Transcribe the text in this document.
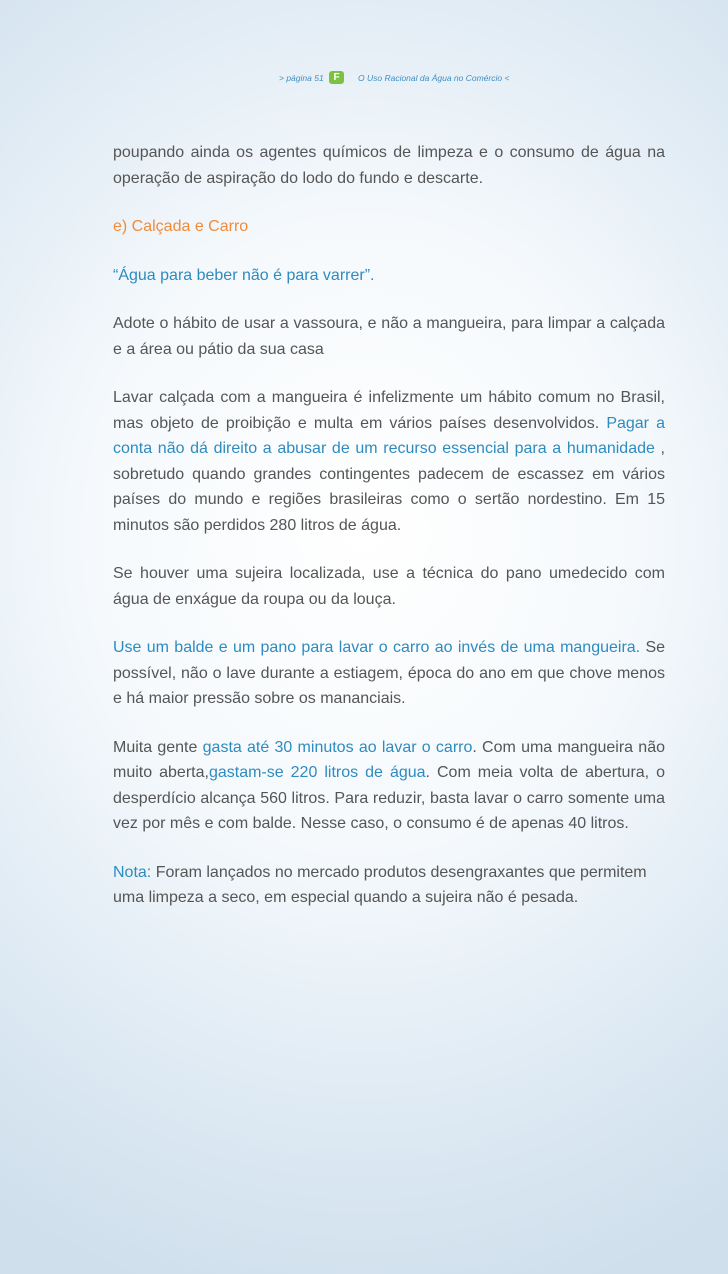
> página 51 F	O Uso Racional da Água no Comércio <

poupando ainda os agentes químicos de limpeza e o consumo de água na operação de aspiração do lodo do fundo e descarte.

e) Calçada e Carro

“Água para beber não é para varrer”.

Adote o hábito de usar a vassoura, e não a mangueira, para limpar a calçada e a área ou pátio da sua casa

Lavar calçada com a mangueira é infelizmente um hábito comum no Brasil, mas objeto de proibição e multa em vários países desenvolvidos. Pagar a conta não dá direito a abusar de um recurso essencial para a humanidade , sobretudo quando grandes contingentes padecem de escassez em vários países do mundo e regiões brasileiras como o sertão nordestino. Em 15 minutos são perdidos 280 litros de água.

Se houver uma sujeira localizada, use a técnica do pano umedecido com água de enxágue da roupa ou da louça.

Use um balde e um pano para lavar o carro ao invés de uma mangueira. Se possível, não o lave durante a estiagem, época do ano em que chove menos e há maior pressão sobre os mananciais.

Muita gente gasta até 30 minutos ao lavar o carro. Com uma mangueira não muito aberta,gastam-se 220 litros de água. Com meia volta de abertura, o desperdício alcança 560 litros. Para reduzir, basta lavar o carro somente uma vez por mês e com balde. Nesse caso, o consumo é de apenas 40 litros.

Nota: Foram lançados no mercado produtos desengraxantes que permitem uma limpeza a seco, em especial quando a sujeira não é pesada.
